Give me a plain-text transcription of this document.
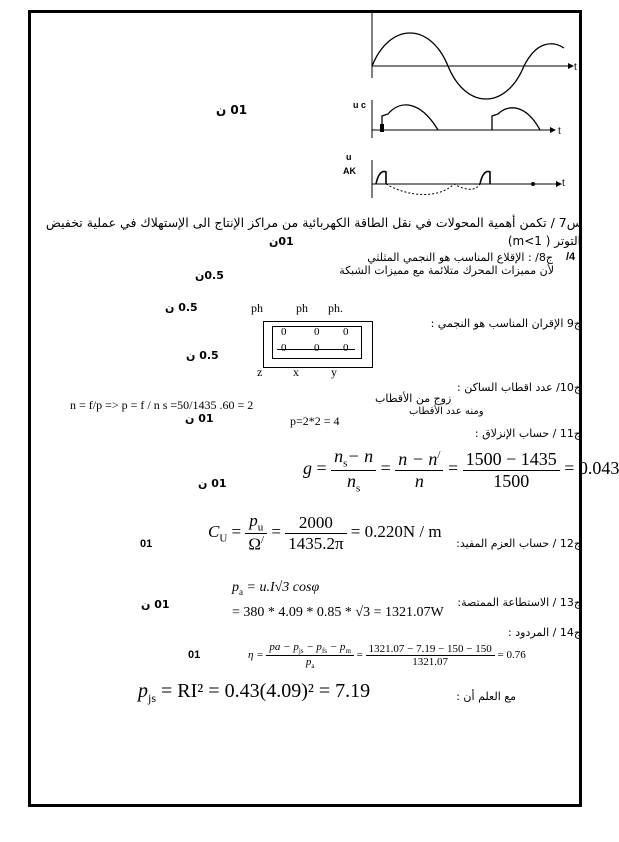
t
t
t
u c
u
AK
01 ن
س7 / تكمن أهمية المحولات في نقل الطاقة الكهربائية من مراكز الإنتاج الى الإستهلاك في عملية تخفيض
التوتر ( m<1)
01ن
/4
ج8/ : الإقلاع المناسب هو النجمي المثلثي
لأن مميزات المحرك متلائمة مع مميزات الشبكة
0.5ن
ج9 الإقران المناسب هو النجمي :
0.5 ن
0.5 ن
ph	ph ph.
0	0 0
0	0 0
z	x	y
ج10/ عدد اقطاب الساكن :
زوج من الأقطاب
n = f/p => p = f / n s =50/1435 .60 = 2	ومنه عدد الأقطاب
p=2*2 = 4
01 ن
ج11 / حساب الإنزلاق :
01 ن
$g = \frac{n_s- n}{n_s} = \frac{n - n^/}{n} = \frac{1500 - 1435}{1500} = 0.043$
ج12 / حساب العزم المفيد:
01
$C_U = \frac{p_u}{\Omega^/} = \frac{2000}{1435.2\pi} = 0.220N / m$
ج13 / الاستطاعة الممتصة:
01 ن
$p_a = u.I√3$ cosφ
= 380 * 4.09 * 0.85 * √3 = 1321.07W
ج14 / المردود :
01	$\eta = \frac{pa - p_{js} - p_{fs} - p_m}{p_a} = \frac{1321.07 - 7.19 - 150 - 150}{1321.07} = 0.76$
مع العلم أن :
$p_{js} = RI^2 = 0.43(4.09)^2 = 7.19$
